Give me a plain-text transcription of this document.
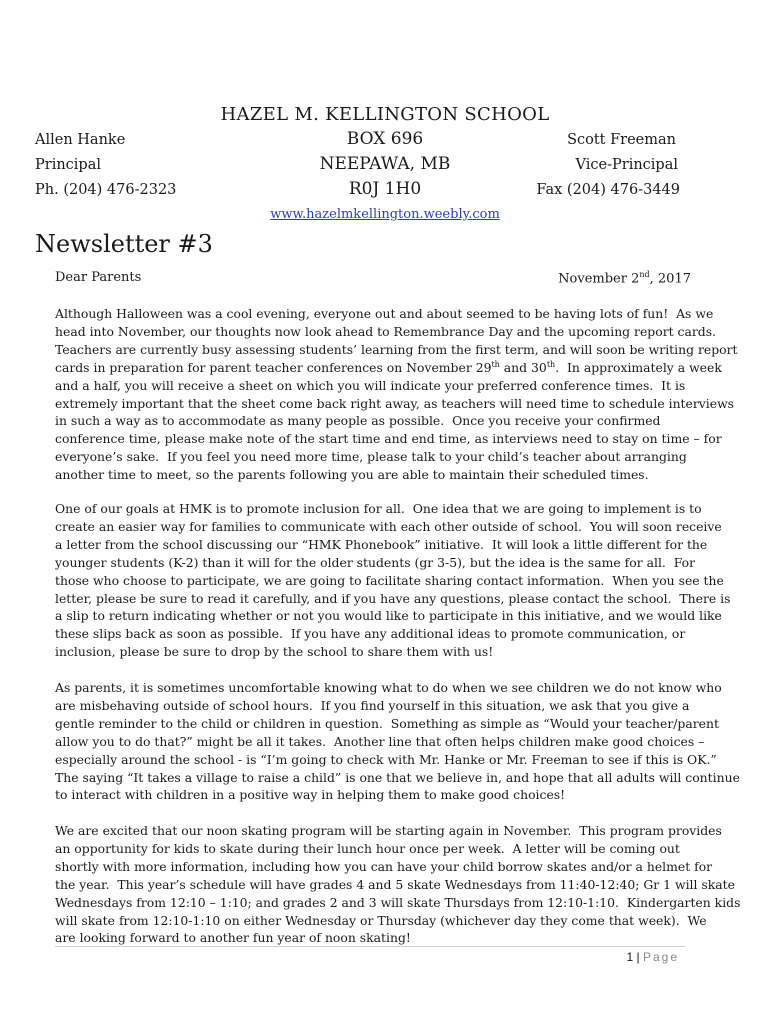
Allen Hanke
Principal
Ph. (204) 476-2323
Scott Freeman
Vice-Principal
Fax (204) 476-3449
HAZEL M. KELLINGTON SCHOOL
BOX 696
NEEPAWA, MB
R0J 1H0
www.hazelmkellington.weebly.com
Newsletter #3
Dear Parents	November 2nd, 2017
Although Halloween was a cool evening, everyone out and about seemed to be having lots of fun!  As we
head into November, our thoughts now look ahead to Remembrance Day and the upcoming report cards.
Teachers are currently busy assessing students’ learning from the first term, and will soon be writing report
cards in preparation for parent teacher conferences on November 29th and 30th.  In approximately a week
and a half, you will receive a sheet on which you will indicate your preferred conference times.  It is
extremely important that the sheet come back right away, as teachers will need time to schedule interviews
in such a way as to accommodate as many people as possible.  Once you receive your confirmed
conference time, please make note of the start time and end time, as interviews need to stay on time – for
everyone’s sake.  If you feel you need more time, please talk to your child’s teacher about arranging
another time to meet, so the parents following you are able to maintain their scheduled times.
One of our goals at HMK is to promote inclusion for all.  One idea that we are going to implement is to
create an easier way for families to communicate with each other outside of school.  You will soon receive
a letter from the school discussing our “HMK Phonebook” initiative.  It will look a little different for the
younger students (K-2) than it will for the older students (gr 3-5), but the idea is the same for all.  For
those who choose to participate, we are going to facilitate sharing contact information.  When you see the
letter, please be sure to read it carefully, and if you have any questions, please contact the school.  There is
a slip to return indicating whether or not you would like to participate in this initiative, and we would like
these slips back as soon as possible.  If you have any additional ideas to promote communication, or
inclusion, please be sure to drop by the school to share them with us!
As parents, it is sometimes uncomfortable knowing what to do when we see children we do not know who
are misbehaving outside of school hours.  If you find yourself in this situation, we ask that you give a
gentle reminder to the child or children in question.  Something as simple as “Would your teacher/parent
allow you to do that?” might be all it takes.  Another line that often helps children make good choices –
especially around the school - is “I’m going to check with Mr. Hanke or Mr. Freeman to see if this is OK.”
The saying “It takes a village to raise a child” is one that we believe in, and hope that all adults will continue
to interact with children in a positive way in helping them to make good choices!
We are excited that our noon skating program will be starting again in November.  This program provides
an opportunity for kids to skate during their lunch hour once per week.  A letter will be coming out
shortly with more information, including how you can have your child borrow skates and/or a helmet for
the year.  This year’s schedule will have grades 4 and 5 skate Wednesdays from 11:40-12:40; Gr 1 will skate
Wednesdays from 12:10 – 1:10; and grades 2 and 3 will skate Thursdays from 12:10-1:10.  Kindergarten kids
will skate from 12:10-1:10 on either Wednesday or Thursday (whichever day they come that week).  We
are looking forward to another fun year of noon skating!
1 | Page
